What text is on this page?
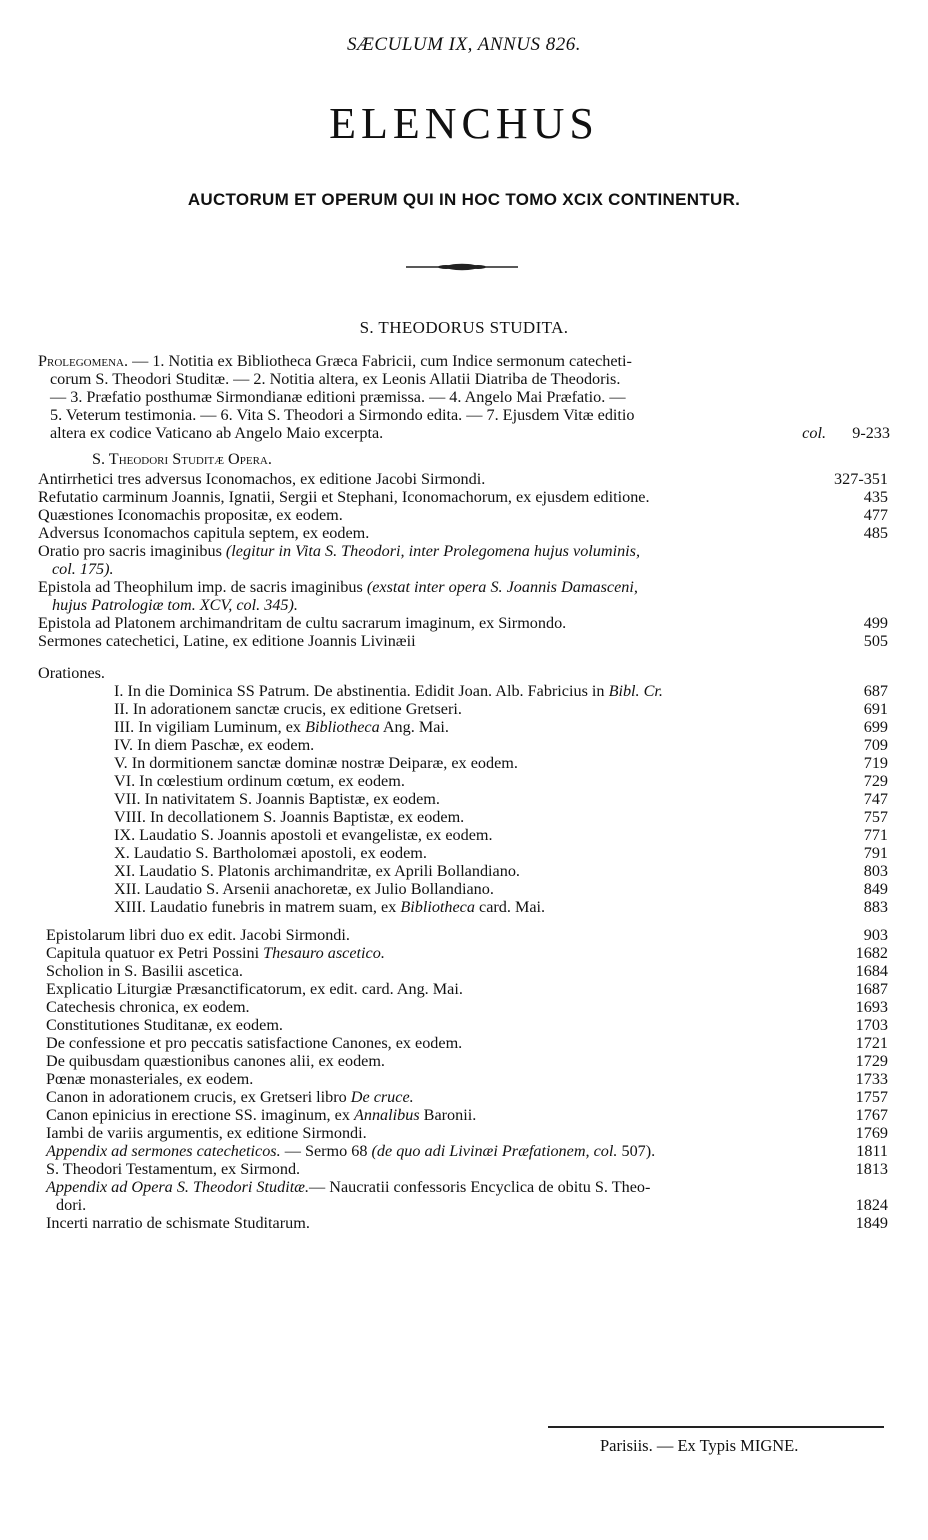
SÆCULUM IX, ANNUS 826.
ELENCHUS
AUCTORUM ET OPERUM QUI IN HOC TOMO XCIX CONTINENTUR.
S. THEODORUS STUDITA.
Prolegomena. — 1. Notitia ex Bibliotheca Græca Fabricii, cum Indice sermonum catecheti-
corum S. Theodori Studitæ. — 2. Notitia altera, ex Leonis Allatii Diatriba de Theodoris.
— 3. Præfatio posthumæ Sirmondianæ editioni præmissa. — 4. Angelo Mai Præfatio. —
5. Veterum testimonia. — 6. Vita S. Theodori a Sirmondo edita. — 7. Ejusdem Vitæ editio
altera ex codice Vaticano ab Angelo Maio excerpta.	col. 9-233
S. Theodori Studitæ Opera.
Antirrhetici tres adversus Iconomachos, ex editione Jacobi Sirmondi.	327-351
Refutatio carminum Joannis, Ignatii, Sergii et Stephani, Iconomachorum, ex ejusdem editione.	435
Quæstiones Iconomachis propositæ, ex eodem.	477
Adversus Iconomachos capitula septem, ex eodem.	485
Oratio pro sacris imaginibus (legitur in Vita S. Theodori, inter Prolegomena hujus voluminis,
col. 175).
Epistola ad Theophilum imp. de sacris imaginibus (exstat inter opera S. Joannis Damasceni,
hujus Patrologiæ tom. XCV, col. 345).
Epistola ad Platonem archimandritam de cultu sacrarum imaginum, ex Sirmondo.	499
Sermones catechetici, Latine, ex editione Joannis Livinæii	505
Orationes.
I. In die Dominica SS Patrum. De abstinentia. Edidit Joan. Alb. Fabricius in Bibl. Cr.	687
II. In adorationem sanctæ crucis, ex editione Gretseri.	691
III. In vigiliam Luminum, ex Bibliotheca Ang. Mai.	699
IV. In diem Paschæ, ex eodem.	709
V. In dormitionem sanctæ dominæ nostræ Deiparæ, ex eodem.	719
VI. In cœlestium ordinum cœtum, ex eodem.	729
VII. In nativitatem S. Joannis Baptistæ, ex eodem.	747
VIII. In decollationem S. Joannis Baptistæ, ex eodem.	757
IX. Laudatio S. Joannis apostoli et evangelistæ, ex eodem.	771
X. Laudatio S. Bartholomæi apostoli, ex eodem.	791
XI. Laudatio S. Platonis archimandritæ, ex Aprili Bollandiano.	803
XII. Laudatio S. Arsenii anachoretæ, ex Julio Bollandiano.	849
XIII. Laudatio funebris in matrem suam, ex Bibliotheca card. Mai.	883
Epistolarum libri duo ex edit. Jacobi Sirmondi.	903
Capitula quatuor ex Petri Possini Thesauro ascetico.	1682
Scholion in S. Basilii ascetica.	1684
Explicatio Liturgiæ Præsanctificatorum, ex edit. card. Ang. Mai.	1687
Catechesis chronica, ex eodem.	1693
Constitutiones Studitanæ, ex eodem.	1703
De confessione et pro peccatis satisfactione Canones, ex eodem.	1721
De quibusdam quæstionibus canones alii, ex eodem.	1729
Pœnæ monasteriales, ex eodem.	1733
Canon in adorationem crucis, ex Gretseri libro De cruce.	1757
Canon epinicius in erectione SS. imaginum, ex Annalibus Baronii.	1767
Iambi de variis argumentis, ex editione Sirmondi.	1769
Appendix ad sermones catecheticos. — Sermo 68 (de quo adi Livinæi Præfationem, col. 507).	1811
S. Theodori Testamentum, ex Sirmond.	1813
Appendix ad Opera S. Theodori Studitæ.— Naucratii confessoris Encyclica de obitu S. Theo-
dori.	1824
Incerti narratio de schismate Studitarum.	1849
Parisiis. — Ex Typis MIGNE.
